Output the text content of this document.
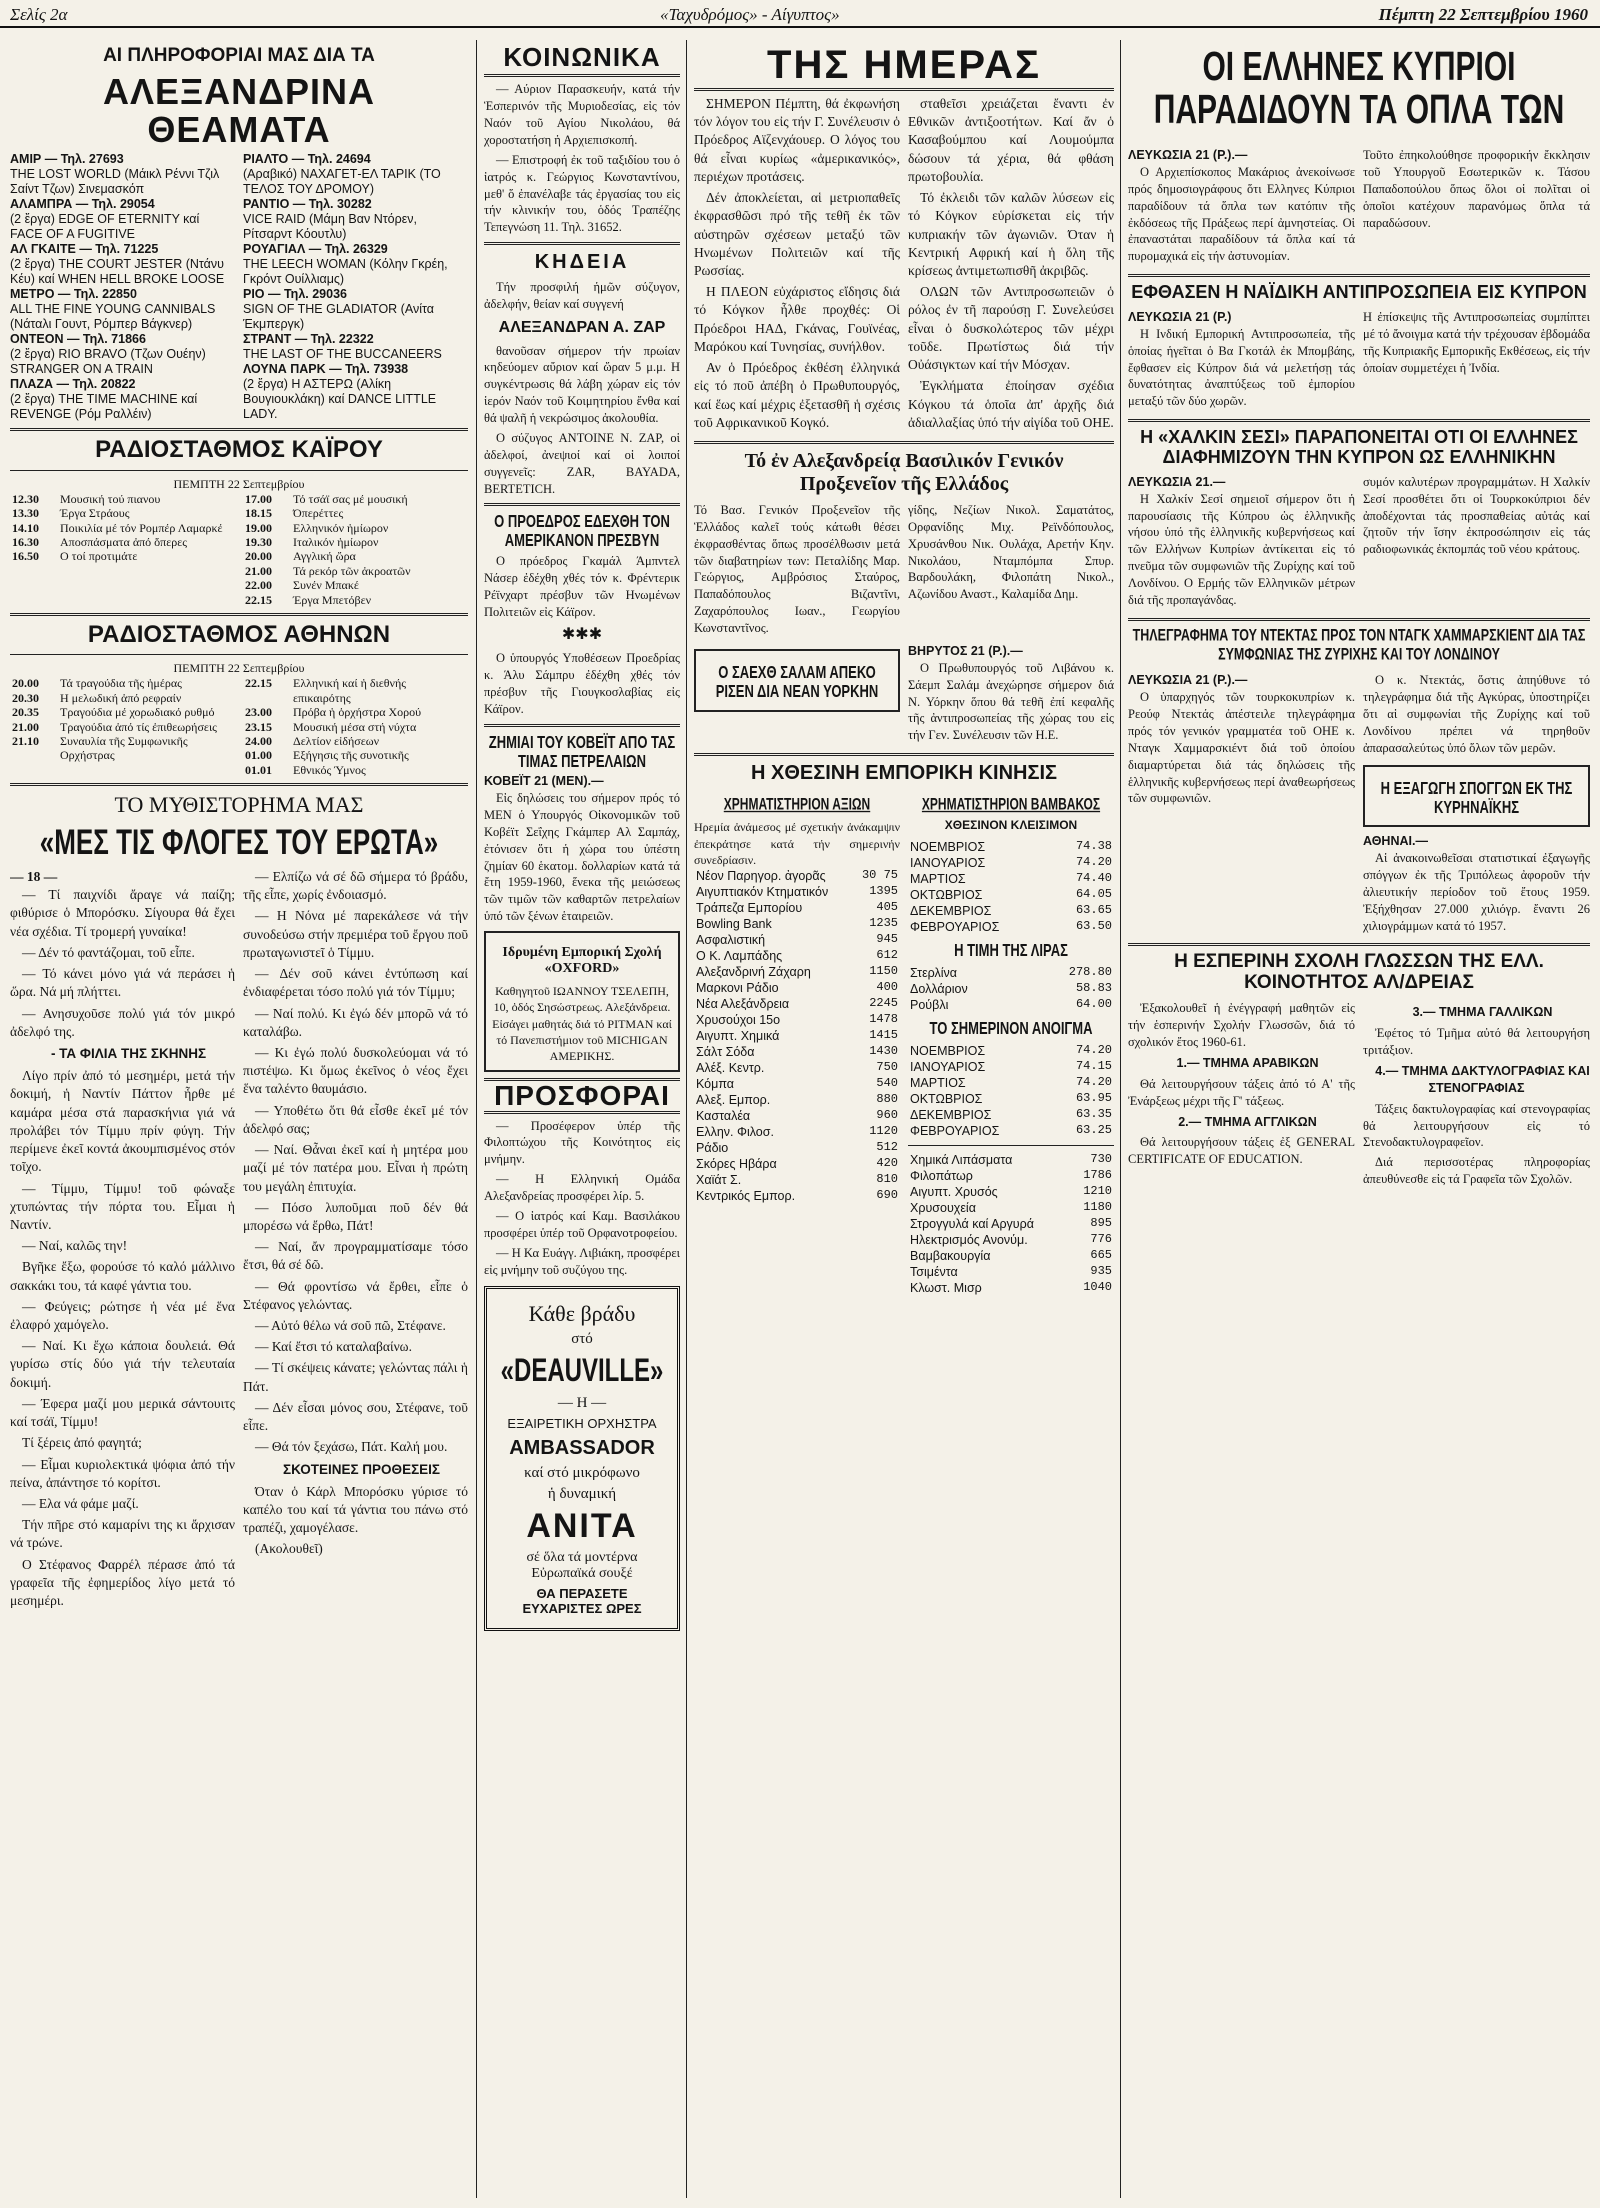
Σελίς 2α	«Ταχυδρόμος» - Αίγυπτος»	Πέμπτη 22 Σεπτεμβρίου 1960
ΑΙ ΠΛΗΡΟΦΟΡΙΑΙ ΜΑΣ ΔΙΑ ΤΑ
ΑΛΕΞΑΝΔΡΙΝΑ ΘΕΑΜΑΤΑ
ΑΜΙΡ — Τηλ. 27693
THE LOST WORLD (Μάικλ Ρέννι Τζιλ Σαίντ Τζων) Σινεμασκόπ
ΑΛΑΜΠΡΑ — Τηλ. 29054
(2 ἔργα) EDGE OF ETERNITY καί FACE OF A FUGITIVE
ΑΛ ΓΚΑΙΤΕ — Τηλ. 71225
(2 ἔργα) THE COURT JESTER (Ντάνυ Κέυ) καί WHEN HELL BROKE LOOSE
ΜΕΤΡΟ — Τηλ. 22850
ALL THE FINE YOUNG CANNIBALS (Νάταλι Γουντ, Ρόμπερ Βάγκνερ)
ΟΝΤΕΟΝ — Τηλ. 71866
(2 ἔργα) RIO BRAVO (Τζων Ουέην) STRANGER ON A TRAIN
ΠΛΑΖΑ — Τηλ. 20822
(2 ἔργα) THE TIME MACHINE καί REVENGE (Ρόμ Ραλλέιν)
ΡΙΑΛΤΟ — Τηλ. 24694
(Αραβικό) ΝΑΧΑΓΕΤ-ΕΛ ΤΑΡΙΚ (ΤΟ ΤΕΛΟΣ ΤΟΥ ΔΡΟΜΟΥ)
ΡΑΝΤΙΟ — Τηλ. 30282
VICE RAID (Μάμη Βαν Ντόρεν, Ρίτσαρντ Κόουτλυ)
ΡΟΥΑΓΙΑΛ — Τηλ. 26329
THE LEECH WOMAN (Κόλην Γκρέη, Γκρόντ Ουίλλιαμς)
ΡΙΟ — Τηλ. 29036
SIGN OF THE GLADIATOR (Ανίτα Έκμπεργκ)
ΣΤΡΑΝΤ — Τηλ. 22322
THE LAST OF THE BUCCANEERS
ΛΟΥΝΑ ΠΑΡΚ — Τηλ. 73938
(2 ἔργα) Η ΑΣΤΕΡΩ (Αλίκη Βουγιουκλάκη) καί DANCE LITTLE LADY.
ΡΑΔΙΟΣΤΑΘΜΟΣ ΚΑΪΡΟΥ
ΠΕΜΠΤΗ 22 Σεπτεμβρίου
12.30	Μουσική τού πιανου
13.30	Έργα Στράους
14.10	Ποικιλία μέ τόν Ρομπέρ Λαμαρκέ
16.30	Αποσπάσματα ἀπό ὄπερες
16.50	Ο τοί προτιμάτε
17.00	Τό τσάϊ σας μέ μουσική
18.15	Όπερέττες
19.00	Ελληνικόν ἡμίωρον
19.30	Ιταλικόν ἡμίωρον
20.00	Αγγλική ὥρα
21.00	Τά ρεκόρ τῶν ἀκροατῶν
22.00	Συνέν Μπακέ
22.15	Έργα Μπετόβεν
ΡΑΔΙΟΣΤΑΘΜΟΣ ΑΘΗΝΩΝ
ΠΕΜΠΤΗ 22 Σεπτεμβρίου
20.00	Τά τραγούδια τῆς ἡμέρας
20.30	Η μελωδική ἀπό ρεφραίν
20.35	Τραγούδια μέ χορωδιακό ρυθμό
21.00	Τραγούδια ἀπό τίς ἐπιθεωρήσεις
21.10	Συναυλία τῆς Συμφωνικῆς Ορχήστρας
22.15	Ελληνική καί ἡ διεθνής επικαιρότης
23.00	Πρόβα ἡ ὀρχήστρα Χορού
23.15	Μουσική μέσα στή νύχτα
24.00	Δελτίον εἰδήσεων
01.00	Εξήγησις τῆς συνοτικῆς
01.01	Εθνικός Ύμνος
ΤΟ ΜΥΘΙΣΤΟΡΗΜΑ ΜΑΣ
«ΜΕΣ ΤΙΣ ΦΛΟΓΕΣ ΤΟΥ ΕΡΩΤΑ»
— 18 —

— Τί παιχνίδι ἄραγε νά παίζη; φιθύρισε ὁ Μπορόσκυ. Σίγουρα θά ἔχει νέα σχέδια. Τί τρομερή γυναίκα!

— Δέν τό φαντάζομαι, τοῦ εἶπε.

— Τό κάνει μόνο γιά νά περάσει ἡ ὥρα. Νά μή πλήττει.

— Ανησυχοῦσε πολύ γιά τόν μικρό ἀδελφό της.

- ΤΑ ΦΙΛΙΑ ΤΗΣ ΣΚΗΝΗΣ

Λίγο πρίν ἀπό τό μεσημέρι, μετά τήν δοκιμή, ἡ Ναντίν Πάττον ἦρθε μέ καμάρα μέσα στά παρασκήνια γιά νά προλάβει τόν Τίμμυ πρίν φύγη. Τήν περίμενε ἐκεῖ κοντά ἀκουμπισμένος στόν τοῖχο.

— Τίμμυ, Τίμμυ! τοῦ φώναξε χτυπώντας τήν πόρτα του. Εἶμαι ἡ Ναντίν.

— Ναί, καλῶς την!

Βγῆκε ἔξω, φορούσε τό καλό μάλλινο σακκάκι του, τά καφέ γάντια του.

— Φεύγεις; ρώτησε ἡ νέα μέ ἕνα ἐλαφρό χαμόγελο.

— Ναί. Κι ἔχω κάποια δουλειά. Θά γυρίσω στίς δύο γιά τήν τελευταία δοκιμή.

— Έφερα μαζί μου μερικά σάντουιτς καί τσάϊ, Τίμμυ!

Τί ξέρεις ἀπό φαγητά;

— Εἶμαι κυριολεκτικά ψόφια ἀπό τήν πείνα, ἀπάντησε τό κορίτσι.

— Ελα νά φάμε μαζί.

Τήν πῆρε στό καμαρίνι της κι ἄρχισαν νά τρώνε.

Ο Στέφανος Φαρρέλ πέρασε ἀπό τά γραφεῖα τῆς ἐφημερίδος λίγο μετά τό μεσημέρι.

— Ελπίζω νά σέ δῶ σήμερα τό βράδυ, τῆς εἶπε, χωρίς ἐνδοιασμό.

— Η Νόνα μέ παρεκάλεσε νά τήν συνοδεύσω στήν πρεμιέρα τοῦ ἔργου ποῦ πρωταγωνιστεῖ ὁ Τίμμυ.

— Δέν σοῦ κάνει ἐντύπωση καί ἐνδιαφέρεται τόσο πολύ γιά τόν Τίμμυ;

— Ναί πολύ. Κι ἐγώ δέν μπορῶ νά τό καταλάβω.

— Κι ἐγώ πολύ δυσκολεύομαι νά τό πιστέψω. Κι ὅμως ἐκεῖνος ὁ νέος ἔχει ἕνα ταλέντο θαυμάσιο.

— Υποθέτω ὅτι θά εἶσθε ἐκεῖ μέ τόν ἀδελφό σας;

— Ναί. Θἆναι ἐκεῖ καί ἡ μητέρα μου μαζί μέ τόν πατέρα μου. Εἶναι ἡ πρώτη του μεγάλη ἐπιτυχία.

— Πόσο λυποῦμαι ποῦ δέν θά μπορέσω νά ἔρθω, Πάτ!

— Ναί, ἄν προγραμματίσαμε τόσο ἔτσι, θά σέ δῶ.

— Θά φροντίσω νά ἔρθει, εἶπε ὁ Στέφανος γελώντας.

— Αὐτό θέλω νά σοῦ πῶ, Στέφανε.

— Καί ἔτσι τό καταλαβαίνω.

— Τί σκέψεις κάνατε; γελώντας πάλι ἡ Πάτ.

— Δέν εἶσαι μόνος σου, Στέφανε, τοῦ εἶπε.

— Θά τόν ξεχάσω, Πάτ. Καλή μου.

ΣΚΟΤΕΙΝΕΣ ΠΡΟΘΕΣΕΙΣ

Όταν ὁ Κάρλ Μπορόσκυ γύρισε τό καπέλο του καί τά γάντια του πάνω στό τραπέζι, χαμογέλασε.

(Ακολουθεῖ)

ΚΟΙΝΩΝΙΚΑ

— Αύριον Παρασκευήν, κατά τήν Ἑσπερινόν τῆς Μυριοδεσίας, εἰς τόν Ναόν τοῦ Αγίου Νικολάου, θά χοροστατήση ἡ Αρχιεπισκοπή.

— Επιστροφή ἐκ τοῦ ταξιδίου του ὁ ἰατρός κ. Γεώργιος Κωνσταντίνου, μεθ' ὅ ἐπανέλαβε τάς ἐργασίας του εἰς τήν κλινικήν του, ὁδός Τραπέζης Τεπεγνώση 11. Τηλ. 31652.

ΚΗΔΕΙΑ

Τήν προσφιλή ἡμῶν σύζυγον, ἀδελφήν, θείαν καί συγγενή

ΑΛΕΞΑΝΔΡΑΝ Α. ΖΑΡ

θανοῦσαν σήμερον τήν πρωίαν κηδεύομεν αὔριον καί ὥραν 5 μ.μ. Η συγκέντρωσις θά λάβη χώραν εἰς τόν ἱερόν Ναόν τοῦ Κοιμητηρίου ἔνθα καί θά ψαλῆ ἡ νεκρώσιμος ἀκολουθία.

Ο σύζυγος ANTOINE Ν. ΖΑΡ, οἱ ἀδελφοί, ἀνεψιοί καί οἱ λοιποί συγγενεῖς: ZAR, BAYADA, BERTETICH.

Ο ΠΡΟΕΔΡΟΣ ΕΔΕΧΘΗ ΤΟΝ ΑΜΕΡΙΚΑΝΟΝ ΠΡΕΣΒΥΝ

Ο πρόεδρος Γκαμάλ Άμπντελ Νάσερ ἐδέχθη χθές τόν κ. Φρέντερικ Ρέϊνχαρτ πρέσβυν τῶν Ηνωμένων Πολιτειῶν εἰς Κάϊρον.

✱✱✱

Ο ὑπουργός Υποθέσεων Προεδρίας κ. Άλυ Σάμπρυ ἐδέχθη χθές τόν πρέσβυν τῆς Γιουγκοσλαβίας εἰς Κάϊρον.

ΖΗΜΙΑΙ ΤΟΥ ΚΟΒΕΪΤ ΑΠΟ ΤΑΣ ΤΙΜΑΣ ΠΕΤΡΕΛΑΙΩΝ
ΚΟΒΕΪΤ 21 (ΜΕΝ).—

Εἰς δηλώσεις του σήμερον πρός τό ΜΕΝ ὁ Υπουργός Οἰκονομικῶν τοῦ Κοβέϊτ Σεΐχης Γκάμπερ Αλ Σαμπάχ, ἐτόνισεν ὅτι ἡ χώρα του ὑπέστη ζημίαν 60 ἑκατομ. δολλαρίων κατά τά ἔτη 1959-1960, ἕνεκα τῆς μειώσεως τῶν τιμῶν τῶν καθαρτῶν πετρελαίων ὑπό τῶν ξένων ἑταιρειῶν.

Ιδρυμένη Εμπορική Σχολή «OXFORD»
Καθηγητοῦ ΙΩΑΝΝΟΥ ΤΣΕΛΕΠΗ, 10, ὁδός Σησώστρεως. Αλεξάνδρεια. Εἰσάγει μαθητάς διά τό PITMAN καί τό Πανεπιστήμιον τοῦ MICHIGAN ΑΜΕΡΙΚΗΣ.
ΠΡΟΣΦΟΡΑΙ

— Προσέφερον ὑπέρ τῆς Φιλοπτώχου τῆς Κοινότητος εἰς μνήμην.

— Η Ελληνική Ομάδα Αλεξανδρείας προσφέρει λίρ. 5.

— Ο ἰατρός καί Καμ. Βασιλάκου προσφέρει ὑπέρ τοῦ Ορφανοτροφείου.

— Η Κα Ευάγγ. Λιβιάκη, προσφέρει εἰς μνήμην τοῦ συζύγου της.

Κάθε βράδυ
στό
«DEAUVILLE»
— Η —
ΕΞΑΙΡΕΤΙΚΗ ΟΡΧΗΣΤΡΑ
AMBASSADOR
καί στό μικρόφωνο
ἡ δυναμική
ΑΝΙΤΑ
σέ ὅλα τά μοντέρνα Εὐρωπαϊκά σουξέ
ΘΑ ΠΕΡΑΣΕΤΕ ΕΥΧΑΡΙΣΤΕΣ ΩΡΕΣ
ΤΗΣ ΗΜΕΡΑΣ

ΣΗΜΕΡΟΝ Πέμπτη, θά ἐκφωνήση τόν λόγον του εἰς τήν Γ. Συνέλευσιν ὁ Πρόεδρος Αϊζενχάουερ. Ο λόγος του θά εἶναι κυρίως «ἀμερικανικός», περιέχων προτάσεις.

Δέν ἀποκλείεται, αἱ μετριοπαθεῖς ἐκφρασθῶσι πρό τῆς τεθῆ ἐκ τῶν αὐστηρῶν σχέσεων μεταξύ τῶν Ηνωμένων Πολιτειῶν καί τῆς Ρωσσίας.

Η ΠΛΕΟΝ εὐχάριστος εἴδησις διά τό Κόγκον ἦλθε προχθές: Οἱ Πρόεδροι ΗΑΔ, Γκάνας, Γουϊνέας, Μαρόκου καί Τυνησίας, συνήλθον.

Αν ὁ Πρόεδρος ἐκθέση ἐλληνικά εἰς τό ποῦ ἀπέβη ὁ Πρωθυπουργός, καί ἕως καί μέχρις ἐξετασθῆ ἡ σχέσις τοῦ Αφρικανικοῦ Κογκό.

σταθεῖσι χρειάζεται ἔναντι ἐν Εθνικῶν ἀντιξοοτήτων. Καί ἄν ὁ Κασαβούμπου καί Λουμούμπα δώσουν τά χέρια, θά φθάση πρωτοβουλία.

Τό ἐκλειδι τῶν καλῶν λύσεων εἰς τό Κόγκον εὑρίσκεται εἰς τήν κυπριακήν τῶν ἀγωνιῶν. Όταν ἡ Κεντρική Αφρική καί ἡ ὅλη τῆς κρίσεως ἀντιμετωπισθῆ ἀκριβῶς.

ΟΛΩΝ τῶν Αντιπροσωπειῶν ὁ ρόλος ἐν τῆ παρούσῃ Γ. Συνελεύσει εἶναι ὁ δυσκολώτερος τῶν μέχρι τοῦδε. Πρωτίστως διά τήν Οὐάσιγκτων καί τήν Μόσχαν.

Ἐγκλήματα ἐποίησαν σχέδια Κόγκου τά ὁποῖα ἀπ' ἀρχῆς διά ἀδιαλλαξίας ὑπό τήν αἰγίδα τοῦ ΟΗΕ.

Τό ἐν Αλεξανδρείᾳ Βασιλικόν Γενικόν Προξενεῖον τῆς Ελλάδος
Τό Βασ. Γενικόν Προξενεῖον τῆς Ἑλλάδος καλεῖ τούς κάτωθι θέσει ἐκφρασθέντας ὅπως προσέλθωσιν μετά τῶν διαβατηρίων των: Πεταλίδης Μαρ. Γεώργιος, Αμβρόσιος Σταύρος, Παπαδόπουλος Βιζαντῖνι, Ζαχαρόπουλος Ιωαν., Γεωργίου Κωνσταντῖνος.
γίδης, Νεζίων Νικολ. Σαματάτος, Ορφανίδης Μιχ. Ρεϊνδόπουλος, Χρυσάνθου Νικ. Ουλάχα, Αρετήν Κην. Νικολάου, Νταμπόμπα Σπυρ. Βαρδουλάκη, Φιλοπάτη Νικολ., Αζωνίδου Αναστ., Καλαμίδα Δημ.
Ο ΣΑΕΧΘ ΣΑΛΑΜ ΑΠΕΚΟ ΡΙΣΕΝ ΔΙΑ ΝΕΑΝ ΥΟΡΚΗΝ
ΒΗΡΥΤΟΣ 21 (Ρ.).—

Ο Πρωθυπουργός τοῦ Λιβάνου κ. Σάεμπ Σαλάμ ἀνεχώρησε σήμερον διά Ν. Υόρκην ὅπου θά τεθῆ ἐπί κεφαλῆς τῆς ἀντιπροσωπείας τῆς χώρας του εἰς τήν Γεν. Συνέλευσιν τῶν Η.Ε.

Η ΧΘΕΣΙΝΗ ΕΜΠΟΡΙΚΗ ΚΙΝΗΣΙΣ
ΧΡΗΜΑΤΙΣΤΗΡΙΟΝ ΑΞΙΩΝ
Ηρεμία ἀνάμεσος μέ σχετικήν ἀνάκαμψιν ἐπεκράτησε κατά τήν σημερινήν συνεδρίασιν.
Νέον Παρηγορ. ἀγορᾶς	30 75
Αιγυπτιακόν Κτηματικόν	1395
Τράπεζα Εμπορίου	405
Bowling Bank	1235
Ασφαλιστική	945
Ο Κ. Λαμπάδης	612
Αλεξανδρινή Ζάχαρη	1150
Μαρκονι Ράδιο	400
Νέα Αλεξάνδρεια	2245
Χρυσούχοι 15ο	1478
Αιγυπτ. Χημικά	1415
Σάλτ Σόδα	1430
Αλέξ. Κεντρ.	750
Κόμπα	540
Αλεξ. Εμπορ.	880
Κασταλέα	960
Ελλην. Φιλοσ.	1120
Ράδιο	512
Σκόρες Ηβάρα	420
Χαϊάτ Σ.	810
Κεντρικός Εμπορ.	690
ΧΡΗΜΑΤΙΣΤΗΡΙΟΝ ΒΑΜΒΑΚΟΣ
ΧΘΕΣΙΝΟΝ ΚΛΕΙΣΙΜΟΝ
ΝΟΕΜΒΡΙΟΣ	74.38
ΙΑΝΟΥΑΡΙΟΣ	74.20
ΜΑΡΤΙΟΣ	74.40
ΟΚΤΩΒΡΙΟΣ	64.05
ΔΕΚΕΜΒΡΙΟΣ	63.65
ΦΕΒΡΟΥΑΡΙΟΣ	63.50
Η ΤΙΜΗ ΤΗΣ ΛΙΡΑΣ
Στερλίνα	278.80
Δολλάριον	58.83
Ρούβλι	64.00
ΤΟ ΣΗΜΕΡΙΝΟΝ ΑΝΟΙΓΜΑ
ΝΟΕΜΒΡΙΟΣ	74.20
ΙΑΝΟΥΑΡΙΟΣ	74.15
ΜΑΡΤΙΟΣ	74.20
ΟΚΤΩΒΡΙΟΣ	63.95
ΔΕΚΕΜΒΡΙΟΣ	63.35
ΦΕΒΡΟΥΑΡΙΟΣ	63.25
Χημικά Λιπάσματα	730
Φιλοπάτωρ	1786
Αιγυπτ. Χρυσός	1210
Χρυσουχεία	1180
Στρογγυλά καί Αργυρά	895
Ηλεκτρισμός Ανονύμ.	776
Βαμβακουργία	665
Τσιμέντα	935
Κλωστ. Μισρ	1040
ΟΙ ΕΛΛΗΝΕΣ ΚΥΠΡΙΟΙ ΠΑΡΑΔΙΔΟΥΝ ΤΑ ΟΠΛΑ ΤΩΝ
ΛΕΥΚΩΣΙΑ 21 (Ρ.).—

Ο Αρχιεπίσκοπος Μακάριος ἀνεκοίνωσε πρός δημοσιογράφους ὅτι Ελληνες Κύπριοι παραδίδουν τά ὅπλα των κατόπιν τῆς ἐκδόσεως τῆς Πράξεως περί ἀμνηστείας. Οἱ ἐπαναστάται παραδίδουν τά ὅπλα καί τά πυρομαχικά εἰς τήν ἀστυνομίαν.

Τοῦτο ἐπηκολούθησε προφορικήν ἔκκλησιν τοῦ Υπουργοῦ Εσωτερικῶν κ. Τάσου Παπαδοπούλου ὅπως ὅλοι οἱ πολῖται οἱ ὁποῖοι κατέχουν παρανόμως ὅπλα τά παραδώσουν.
ΕΦΘΑΣΕΝ Η ΝΑΪΔΙΚΗ ΑΝΤΙΠΡΟΣΩΠΕΙΑ ΕΙΣ ΚΥΠΡΟΝ
ΛΕΥΚΩΣΙΑ 21 (Ρ.)

Η Ινδική Εμπορική Αντιπροσωπεία, τῆς ὁποίας ἡγεῖται ὁ Βα Γκοτάλ ἐκ Μπομβάης, ἔφθασεν εἰς Κύπρον διά νά μελετήσῃ τάς δυνατότητας ἀναπτύξεως τοῦ ἐμπορίου μεταξύ τῶν δύο χωρῶν.

Η ἐπίσκεψις τῆς Αντιπροσωπείας συμπίπτει μέ τό ἄνοιγμα κατά τήν τρέχουσαν ἑβδομάδα τῆς Κυπριακῆς Εμπορικῆς Εκθέσεως, εἰς τήν ὁποίαν συμμετέχει ἡ Ἰνδία.
Η «ΧΑΛΚΙΝ ΣΕΣΙ» ΠΑΡΑΠΟΝΕΙΤΑΙ ΟΤΙ ΟΙ ΕΛΛΗΝΕΣ ΔΙΑΦΗΜΙΖΟΥΝ ΤΗΝ ΚΥΠΡΟΝ ΩΣ ΕΛΛΗΝΙΚΗΝ
ΛΕΥΚΩΣΙΑ 21.—

Η Χαλκίν Σεσί σημειοῖ σήμερον ὅτι ἡ παρουσίασις τῆς Κύπρου ὡς ἑλληνικῆς νήσου ὑπό τῆς ἑλληνικῆς κυβερνήσεως καί τῶν Ελλήνων Κυπρίων ἀντίκειται εἰς τό πνεῦμα τῶν συμφωνιῶν τῆς Ζυρίχης καί τοῦ Λονδίνου. Ο Ερμής τῶν Ελληνικῶν μέτρων διά τῆς προπαγάνδας.

συμόν καλυτέρων προγραμμάτων. Η Χαλκίν Σεσί προσθέτει ὅτι οἱ Τουρκοκύπριοι δέν ἀποδέχονται τάς προσπαθείας αὐτάς καί ζητοῦν τήν ἴσην ἐκπροσώπησιν εἰς τάς ραδιοφωνικάς ἐκπομπάς τοῦ νέου κράτους.
ΤΗΛΕΓΡΑΦΗΜΑ ΤΟΥ ΝΤΕΚΤΑΣ ΠΡΟΣ ΤΟΝ ΝΤΑΓΚ ΧΑΜΜΑΡΣΚΙΕΝΤ ΔΙΑ ΤΑΣ ΣΥΜΦΩΝΙΑΣ ΤΗΣ ΖΥΡΙΧΗΣ ΚΑΙ ΤΟΥ ΛΟΝΔΙΝΟΥ
ΛΕΥΚΩΣΙΑ 21 (Ρ.).—

Ο ὑπαρχηγός τῶν τουρκοκυπρίων κ. Ρεούφ Ντεκτάς ἀπέστειλε τηλεγράφημα πρός τόν γενικόν γραμματέα τοῦ ΟΗΕ κ. Νταγκ Χαμμαρσκιέντ διά τοῦ ὁποίου διαμαρτύρεται διά τάς δηλώσεις τῆς ἑλληνικῆς κυβερνήσεως περί ἀναθεωρήσεως τῶν συμφωνιῶν.

Ο κ. Ντεκτάς, ὅστις ἀπηύθυνε τό τηλεγράφημα διά τῆς Αγκύρας, ὑποστηρίζει ὅτι αἱ συμφωνίαι τῆς Ζυρίχης καί τοῦ Λονδίνου πρέπει νά τηρηθοῦν ἀπαρασαλεύτως ὑπό ὅλων τῶν μερῶν.

Η ΕΞΑΓΩΓΗ ΣΠΟΓΓΩΝ ΕΚ ΤΗΣ ΚΥΡΗΝΑΪΚΗΣ
ΑΘΗΝΑΙ.—

Αἱ ἀνακοινωθεῖσαι στατιστικαί ἐξαγωγῆς σπόγγων ἐκ τῆς Τριπόλεως ἀφοροῦν τήν ἀλιευτικήν περίοδον τοῦ ἔτους 1959. Ἐξήχθησαν 27.000 χιλιόγρ. ἔναντι 26 χιλιογράμμων κατά τό 1957.

Η ΕΣΠΕΡΙΝΗ ΣΧΟΛΗ ΓΛΩΣΣΩΝ ΤΗΣ ΕΛΛ. ΚΟΙΝΟΤΗΤΟΣ ΑΛ/ΔΡΕΙΑΣ

Ἐξακολουθεῖ ἡ ἐνέγγραφή μαθητῶν εἰς τήν ἑσπερινήν Σχολήν Γλωσσῶν, διά τό σχολικόν ἔτος 1960-61.

1.— ΤΜΗΜΑ ΑΡΑΒΙΚΩΝ

Θά λειτουργήσουν τάξεις ἀπό τό Α' τῆς Ἐνάρξεως μέχρι τῆς Γ' τάξεως.

2.— ΤΜΗΜΑ ΑΓΓΛΙΚΩΝ

Θά λειτουργήσουν τάξεις ἐξ GENERAL CERTIFICATE OF EDUCATION.

3.— ΤΜΗΜΑ ΓΑΛΛΙΚΩΝ

Ἐφέτος τό Τμῆμα αὐτό θά λειτουργήση τριτάξιον.

4.— ΤΜΗΜΑ ΔΑΚΤΥΛΟΓΡΑΦΙΑΣ ΚΑΙ ΣΤΕΝΟΓΡΑΦΙΑΣ

Τάξεις δακτυλογραφίας καί στενογραφίας θά λειτουργήσουν εἰς τό Στενοδακτυλογραφεῖον.

Διά περισσοτέρας πληροφορίας ἀπευθύνεσθε εἰς τά Γραφεῖα τῶν Σχολῶν.
